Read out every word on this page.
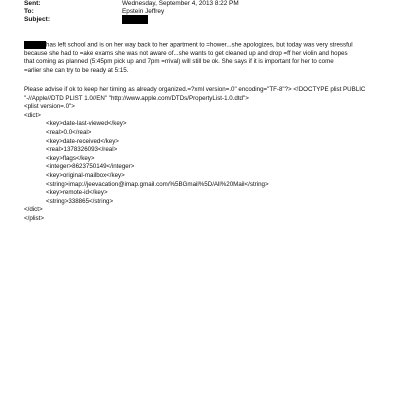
Sent:	Wednesday, September 4, 2013 8:22 PM
To:	Epstein Jeffrey
Subject:
has left school and is on her way back to her apartment to =hower...she apologizes, but today was very stressful
because she had to =ake exams she was not aware of...she wants to get cleaned up and drop =ff her violin and hopes
that coming as planned (5:45pm pick up and 7pm =rrival) will still be ok. She says if it is important for her to come
=arlier she can try to be ready at 5:15.
Please advise if ok to keep her timing as already organized.=?xml version=.0" encoding="TF-8"?> <!DOCTYPE plist PUBLIC
"-//Apple//DTD PLIST 1.0//EN" "http://www.apple.com/DTDs/PropertyList-1.0.dtd">
<plist version=.0">
<dict>
<key>date-last-viewed</key>
<real>0.0</real>
<key>date-received</key>
<real>1378326093</real>
<key>flags</key>
<integer>8623750149</integer>
<key>original-mailbox</key>
<string>imap://jeevacation@imap.gmail.com/%5BGmail%5D/All%20Mail</string>
<key>remote-id</key>
<string>338865</string>
</dict>
</plist>
